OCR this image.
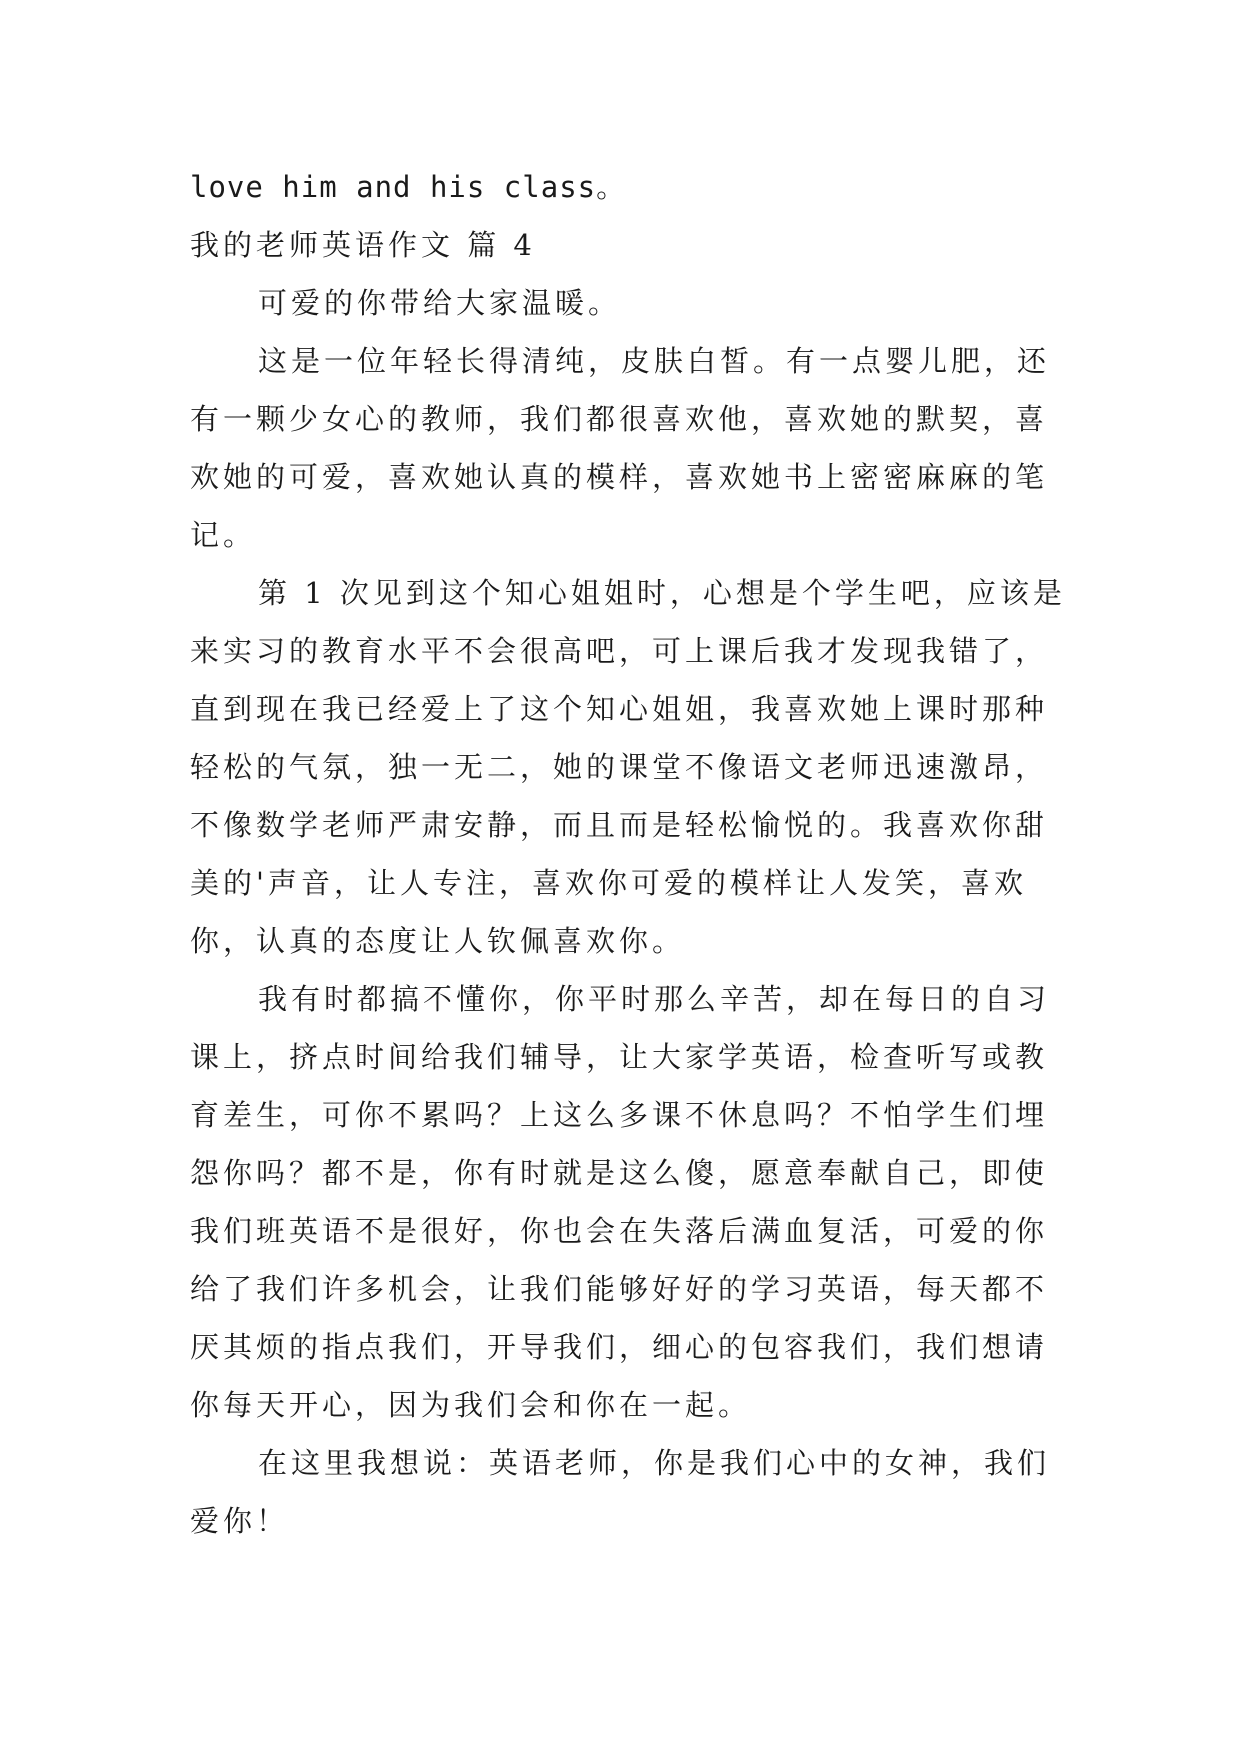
love him and his class。

我的老师英语作文 篇 4

可爱的你带给大家温暖。

这是一位年轻长得清纯，皮肤白皙。有一点婴儿肥，还

有一颗少女心的教师，我们都很喜欢他，喜欢她的默契，喜

欢她的可爱，喜欢她认真的模样，喜欢她书上密密麻麻的笔

记。

第 1 次见到这个知心姐姐时，心想是个学生吧，应该是

来实习的教育水平不会很高吧，可上课后我才发现我错了，

直到现在我已经爱上了这个知心姐姐，我喜欢她上课时那种

轻松的气氛，独一无二，她的课堂不像语文老师迅速激昂，

不像数学老师严肃安静，而且而是轻松愉悦的。我喜欢你甜

美的'声音，让人专注，喜欢你可爱的模样让人发笑，喜欢

你，认真的态度让人钦佩喜欢你。

我有时都搞不懂你，你平时那么辛苦，却在每日的自习

课上，挤点时间给我们辅导，让大家学英语，检查听写或教

育差生，可你不累吗？上这么多课不休息吗？不怕学生们埋

怨你吗？都不是，你有时就是这么傻，愿意奉献自己，即使

我们班英语不是很好，你也会在失落后满血复活，可爱的你

给了我们许多机会，让我们能够好好的学习英语，每天都不

厌其烦的指点我们，开导我们，细心的包容我们，我们想请

你每天开心，因为我们会和你在一起。

在这里我想说：英语老师，你是我们心中的女神，我们

爱你！
